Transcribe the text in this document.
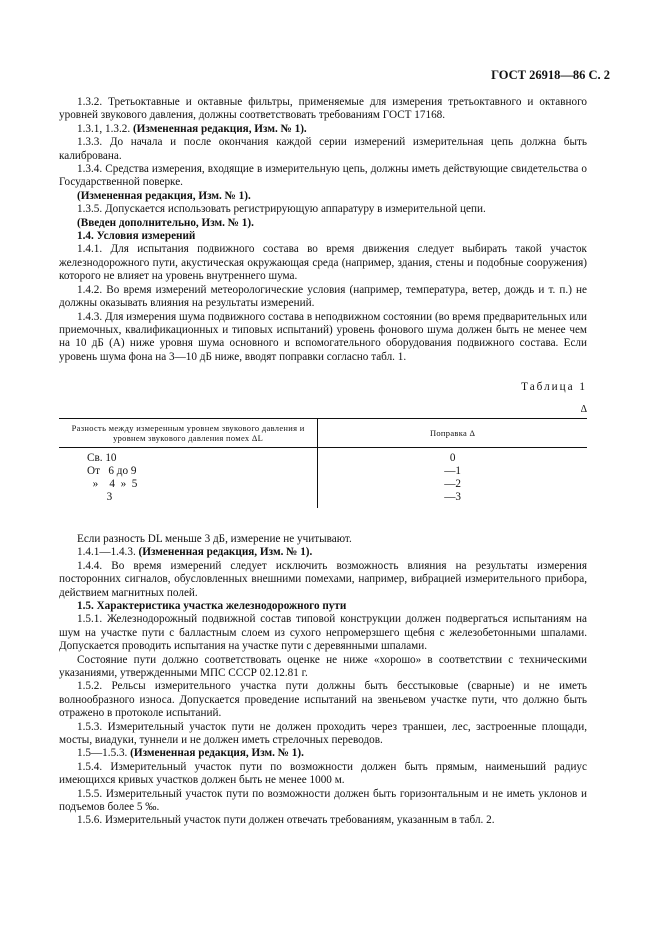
ГОСТ 26918—86 С. 2

1.3.2. Третьоктавные и октавные фильтры, применяемые для измерения третьоктавного и октавного уровней звукового давления, должны соответствовать требованиям ГОСТ 17168.

1.3.1, 1.3.2. (Измененная редакция, Изм. № 1).

1.3.3. До начала и после окончания каждой серии измерений измерительная цепь должна быть калибрована.

1.3.4. Средства измерения, входящие в измерительную цепь, должны иметь действующие свидетельства о Государственной поверке.

(Измененная редакция, Изм. № 1).

1.3.5. Допускается использовать регистрирующую аппаратуру в измерительной цепи.

(Введен дополнительно, Изм. № 1).

1.4. Условия измерений

1.4.1. Для испытания подвижного состава во время движения следует выбирать такой участок железнодорожного пути, акустическая окружающая среда (например, здания, стены и подобные сооружения) которого не влияет на уровень внутреннего шума.

1.4.2. Во время измерений метеорологические условия (например, температура, ветер, дождь и т. п.) не должны оказывать влияния на результаты измерений.

1.4.3. Для измерения шума подвижного состава в неподвижном состоянии (во время предварительных или приемочных, квалификационных и типовых испытаний) уровень фонового шума должен быть не менее чем на 10 дБ (A) ниже уровня шума основного и вспомогательного оборудования подвижного состава. Если уровень шума фона на 3—10 дБ ниже, вводят поправки согласно табл. 1.

Таблица 1
Δ
Разность между измеренным уровнем звукового давления и уровнем звукового давления помех ΔL	Поправка Δ
Св. 10	0
От   6 до 9	—1
»    4  »  5	—2
3	—3

Если разность DL меньше 3 дБ, измерение не учитывают.

1.4.1—1.4.3. (Измененная редакция, Изм. № 1).

1.4.4. Во время измерений следует исключить возможность влияния на результаты измерения посторонних сигналов, обусловленных внешними помехами, например, вибрацией измерительного прибора, действием магнитных полей.

1.5. Характеристика участка железнодорожного пути

1.5.1. Железнодорожный подвижной состав типовой конструкции должен подвергаться испытаниям на шум на участке пути с балластным слоем из сухого непромерзшего щебня с железобетонными шпалами. Допускается проводить испытания на участке пути с деревянными шпалами.

Состояние пути должно соответствовать оценке не ниже «хорошо» в соответствии с техническими указаниями, утвержденными МПС СССР 02.12.81 г.

1.5.2. Рельсы измерительного участка пути должны быть бесстыковые (сварные) и не иметь волнообразного износа. Допускается проведение испытаний на звеньевом участке пути, что должно быть отражено в протоколе испытаний.

1.5.3. Измерительный участок пути не должен проходить через траншеи, лес, застроенные площади, мосты, виадуки, туннели и не должен иметь стрелочных переводов.

1.5—1.5.3. (Измененная редакция, Изм. № 1).

1.5.4. Измерительный участок пути по возможности должен быть прямым, наименьший радиус имеющихся кривых участков должен быть не менее 1000 м.

1.5.5. Измерительный участок пути по возможности должен быть горизонтальным и не иметь уклонов и подъемов более 5 ‰.

1.5.6. Измерительный участок пути должен отвечать требованиям, указанным в табл. 2.
